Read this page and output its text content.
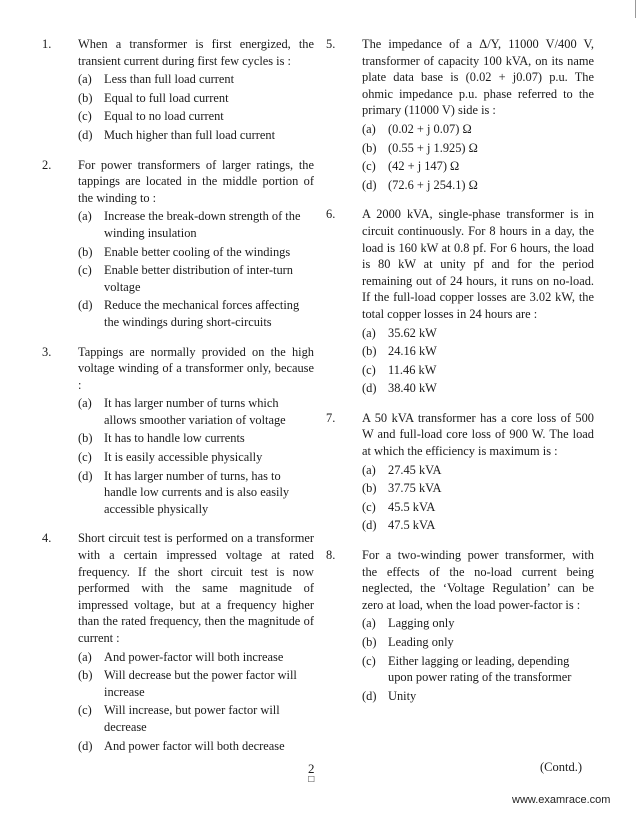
1. When a transformer is first energized, the transient current during first few cycles is :
(a) Less than full load current
(b) Equal to full load current
(c) Equal to no load current
(d) Much higher than full load current
2. For power transformers of larger ratings, the tappings are located in the middle portion of the winding to :
(a) Increase the break-down strength of the winding insulation
(b) Enable better cooling of the windings
(c) Enable better distribution of inter-turn voltage
(d) Reduce the mechanical forces affecting the windings during short-circuits
3. Tappings are normally provided on the high voltage winding of a transformer only, because :
(a) It has larger number of turns which allows smoother variation of voltage
(b) It has to handle low currents
(c) It is easily accessible physically
(d) It has larger number of turns, has to handle low currents and is also easily accessible physically
4. Short circuit test is performed on a transformer with a certain impressed voltage at rated frequency. If the short circuit test is now performed with the same magnitude of impressed voltage, but at a frequency higher than the rated frequency, then the magnitude of current :
(a) And power-factor will both increase
(b) Will decrease but the power factor will increase
(c) Will increase, but power factor will decrease
(d) And power factor will both decrease
5. The impedance of a Δ/Y, 11000 V/400 V, transformer of capacity 100 kVA, on its name plate data base is (0.02 + j0.07) p.u. The ohmic impedance p.u. phase referred to the primary (11000 V) side is :
(a) (0.02 + j 0.07) Ω
(b) (0.55 + j 1.925) Ω
(c) (42 + j 147) Ω
(d) (72.6 + j 254.1) Ω
6. A 2000 kVA, single-phase transformer is in circuit continuously. For 8 hours in a day, the load is 160 kW at 0.8 pf. For 6 hours, the load is 80 kW at unity pf and for the period remaining out of 24 hours, it runs on no-load. If the full-load copper losses are 3.02 kW, the total copper losses in 24 hours are :
(a) 35.62 kW
(b) 24.16 kW
(c) 11.46 kW
(d) 38.40 kW
7. A 50 kVA transformer has a core loss of 500 W and full-load core loss of 900 W. The load at which the efficiency is maximum is :
(a) 27.45 kVA
(b) 37.75 kVA
(c) 45.5 kVA
(d) 47.5 kVA
8. For a two-winding power transformer, with the effects of the no-load current being neglected, the ‘Voltage Regulation’ can be zero at load, when the load power-factor is :
(a) Lagging only
(b) Leading only
(c) Either lagging or leading, depending upon power rating of the transformer
(d) Unity
2
□
(Contd.)
www.examrace.com
